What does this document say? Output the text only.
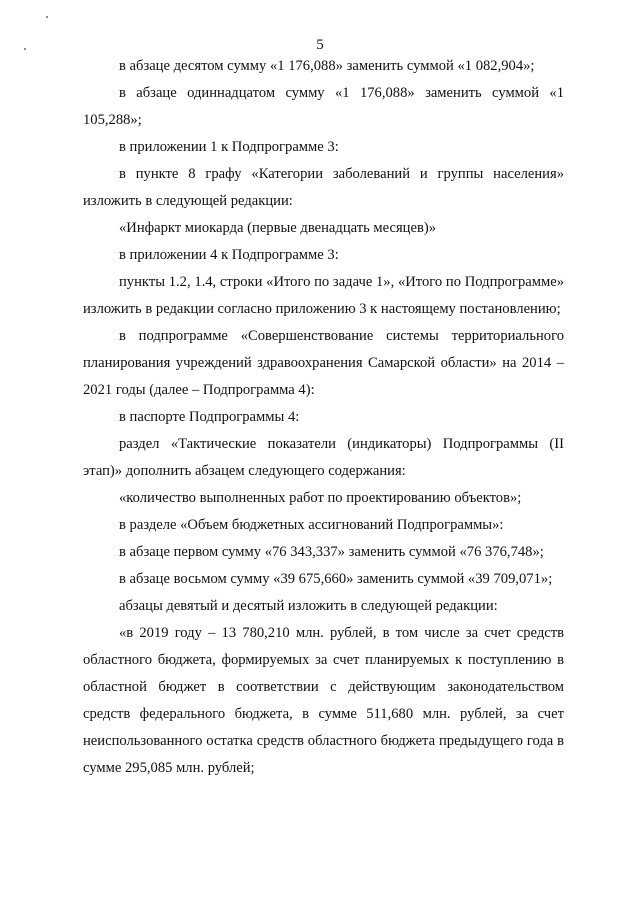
5

в абзаце десятом сумму «1 176,088» заменить суммой «1 082,904»;

в абзаце одиннадцатом сумму «1 176,088» заменить суммой «1 105,288»;

в приложении 1 к Подпрограмме 3:

в пункте 8 графу «Категории заболеваний и группы населения» изложить в следующей редакции:

«Инфаркт миокарда (первые двенадцать месяцев)»

в приложении 4 к Подпрограмме 3:

пункты 1.2, 1.4, строки «Итого по задаче 1», «Итого по Подпрограмме» изложить в редакции согласно приложению 3 к настоящему постановлению;

в подпрограмме «Совершенствование системы территориального планирования учреждений здравоохранения Самарской области» на 2014 – 2021 годы (далее – Подпрограмма 4):

в паспорте Подпрограммы 4:

раздел «Тактические показатели (индикаторы) Подпрограммы (II этап)» дополнить абзацем следующего содержания:

«количество выполненных работ по проектированию объектов»;

в разделе «Объем бюджетных ассигнований Подпрограммы»:

в абзаце первом сумму «76 343,337» заменить суммой «76 376,748»;

в абзаце восьмом сумму «39 675,660» заменить суммой «39 709,071»;

абзацы девятый и десятый изложить в следующей редакции:

«в 2019 году – 13 780,210 млн. рублей, в том числе за счет средств областного бюджета, формируемых за счет планируемых к поступлению в областной бюджет в соответствии с действующим законодательством средств федерального бюджета, в сумме 511,680 млн. рублей, за счет неиспользованного остатка средств областного бюджета предыдущего года в сумме 295,085 млн. рублей;
